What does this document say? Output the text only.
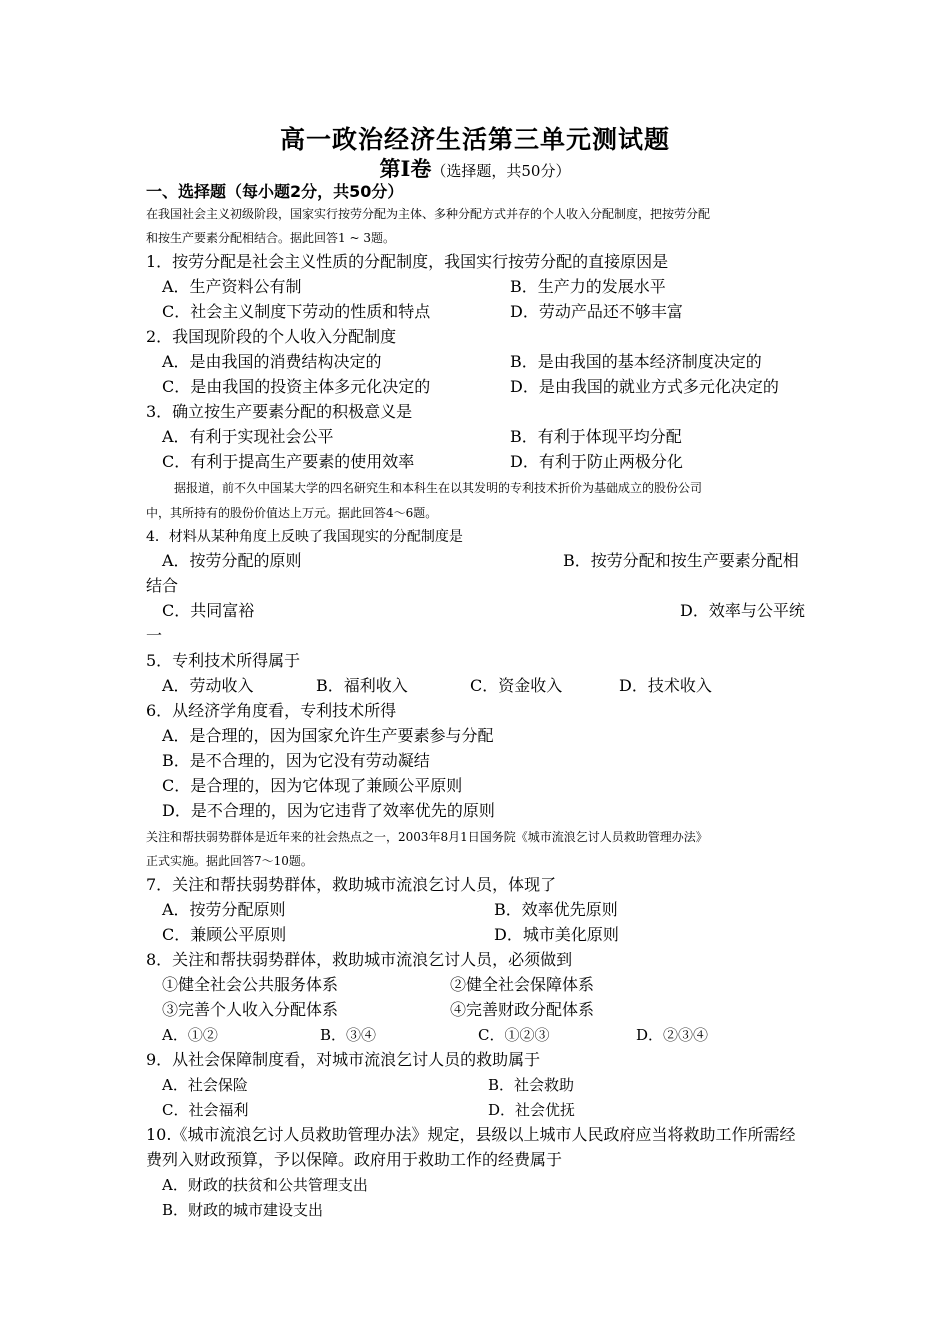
高一政治经济生活第三单元测试题
第Ⅰ卷（选择题，共50分）
一、选择题（每小题2分，共50分）
在我国社会主义初级阶段，国家实行按劳分配为主体、多种分配方式并存的个人收入分配制度，把按劳分配
和按生产要素分配相结合。据此回答1 ~ 3题。
1．按劳分配是社会主义性质的分配制度，我国实行按劳分配的直接原因是
A．生产资料公有制	B．生产力的发展水平
C．社会主义制度下劳动的性质和特点	D．劳动产品还不够丰富
2．我国现阶段的个人收入分配制度
A．是由我国的消费结构决定的	B．是由我国的基本经济制度决定的
C．是由我国的投资主体多元化决定的	D．是由我国的就业方式多元化决定的
3．确立按生产要素分配的积极意义是
A．有利于实现社会公平	B．有利于体现平均分配
C．有利于提高生产要素的使用效率	D．有利于防止两极分化
据报道，前不久中国某大学的四名研究生和本科生在以其发明的专利技术折价为基础成立的股份公司
中，其所持有的股份价值达上万元。据此回答4～6题。
4．材料从某种角度上反映了我国现实的分配制度是
A．按劳分配的原则	B．按劳分配和按生产要素分配相
结合
C．共同富裕	D．效率与公平统
一
5．专利技术所得属于
A．劳动收入	B．福利收入	C．资金收入	D．技术收入
6．从经济学角度看，专利技术所得
A．是合理的，因为国家允许生产要素参与分配
B．是不合理的，因为它没有劳动凝结
C．是合理的，因为它体现了兼顾公平原则
D．是不合理的，因为它违背了效率优先的原则
关注和帮扶弱势群体是近年来的社会热点之一，2003年8月1日国务院《城市流浪乞讨人员救助管理办法》
正式实施。据此回答7～10题。
7．关注和帮扶弱势群体，救助城市流浪乞讨人员，体现了
A．按劳分配原则	B．效率优先原则
C．兼顾公平原则	D．城市美化原则
8．关注和帮扶弱势群体，救助城市流浪乞讨人员，必须做到
①健全社会公共服务体系	②健全社会保障体系
③完善个人收入分配体系	④完善财政分配体系
A．①②	B．③④	C．①②③	D．②③④
9．从社会保障制度看，对城市流浪乞讨人员的救助属于
A．社会保险	B．社会救助
C．社会福利	D．社会优抚
10.《城市流浪乞讨人员救助管理办法》规定，县级以上城市人民政府应当将救助工作所需经
费列入财政预算，予以保障。政府用于救助工作的经费属于
A．财政的扶贫和公共管理支出
B．财政的城市建设支出
